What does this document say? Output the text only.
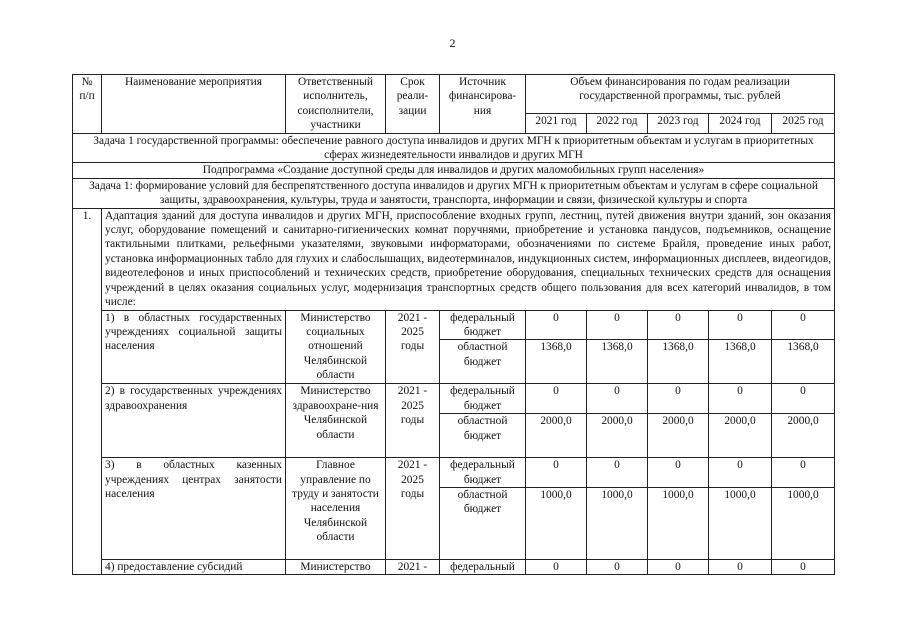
2
№ п/п	Наименование мероприятия	Ответственный исполнитель, соисполнители, участники	Срок реали-зации	Источник финансирова-ния	Объем финансирования по годам реализации государственной программы, тыс. рублей				
					2021 год	2022 год	2023 год	2024 год	2025 год
Задача 1 государственной программы: обеспечение равного доступа инвалидов и других МГН к приоритетным объектам и услугам в приоритетных сферах жизнедеятельности инвалидов и других МГН									
Подпрограмма «Создание доступной среды для инвалидов и других маломобильных групп населения»									
Задача 1: формирование условий для беспрепятственного доступа инвалидов и других МГН к приоритетным объектам и услугам в сфере социальной защиты, здравоохранения, культуры, труда и занятости, транспорта, информации и связи, физической культуры и спорта									
1.	Адаптация зданий для доступа инвалидов и других МГН, приспособление входных групп, лестниц, путей движения внутри зданий, зон оказания услуг, оборудование помещений и санитарно-гигиенических комнат поручнями, приобретение и установка пандусов, подъемников, оснащение тактильными плитками, рельефными указателями, звуковыми информаторами, обозначениями по системе Брайля, проведение иных работ, установка информационных табло для глухих и слабослышащих, видеотерминалов, индукционных систем, информационных дисплеев, видеогидов, видеотелефонов и иных приспособлений и технических средств, приобретение оборудования, специальных технических средств для оснащения учреждений в целях оказания социальных услуг, модернизация транспортных средств общего пользования для всех категорий инвалидов, в том числе:								
	1) в областных государственных учреждениях социальной защиты населения	Министерство социальных отношений Челябинской области	2021 - 2025 годы	федеральный бюджет	0	0	0	0	0
				областной бюджет	1368,0	1368,0	1368,0	1368,0	1368,0
	2) в государственных учреждениях здравоохранения	Министерство здравоохране-ния Челябинской области	2021 - 2025 годы	федеральный бюджет	0	0	0	0	0
				областной бюджет	2000,0	2000,0	2000,0	2000,0	2000,0
	3) в областных казенных учреждениях центрах занятости населения	Главное управление по труду и занятости населения Челябинской области	2021 - 2025 годы	федеральный бюджет	0	0	0	0	0
				областной бюджет	1000,0	1000,0	1000,0	1000,0	1000,0
	4) предоставление субсидий	Министерство	2021 -	федеральный	0	0	0	0	0
